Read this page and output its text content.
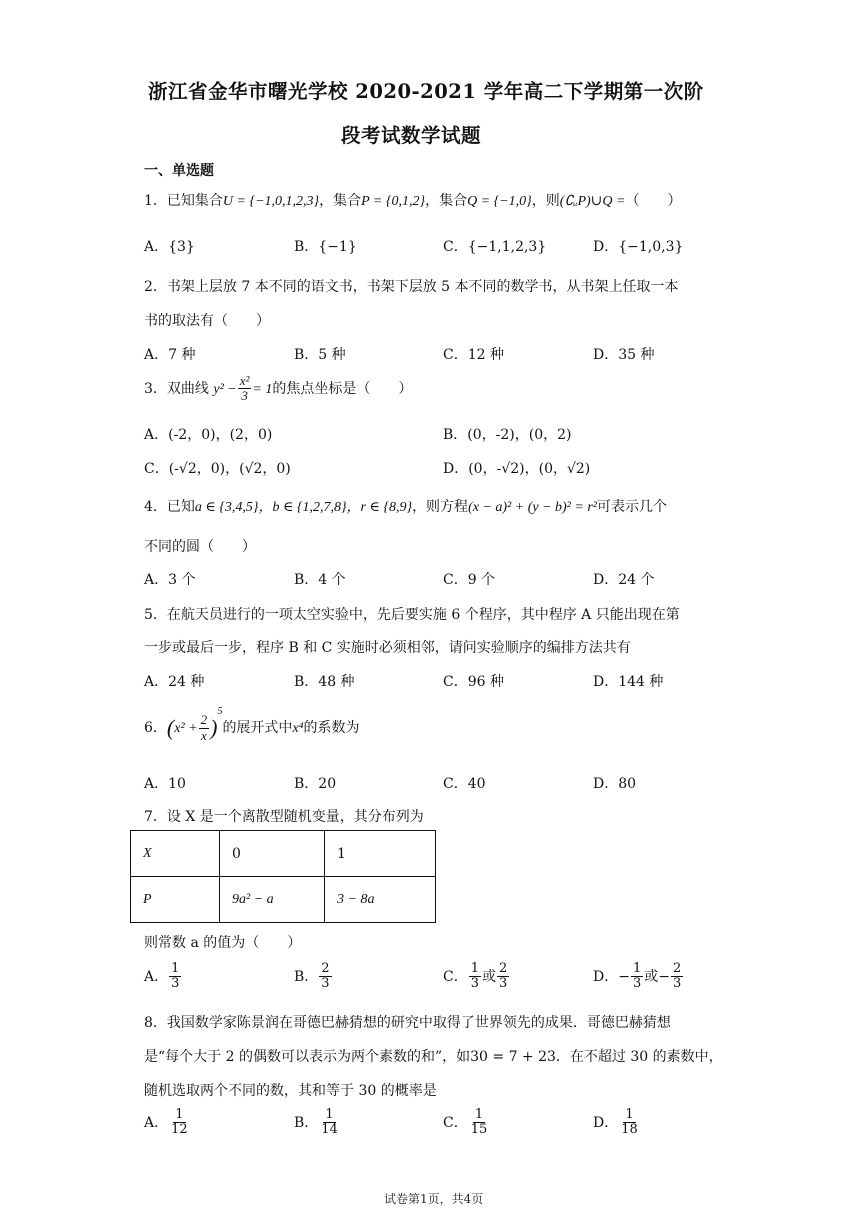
浙江省金华市曙光学校 2020-2021 学年高二下学期第一次阶
段考试数学试题
一、单选题
1．已知集合U = {−1,0,1,2,3}，集合P = {0,1,2}，集合Q = {−1,0}，则(∁ᵤP)∪Q =（　　）
A．{3}	B．{−1}	C．{−1,1,2,3}	D．{−1,0,3}
2．书架上层放 7 本不同的语文书，书架下层放 5 本不同的数学书，从书架上任取一本
书的取法有（　　）
A．7 种	B．5 种	C．12 种	D．35 种
3．双曲线 $y^2 - \frac{\text{x²}}{3} = 1$的焦点坐标是（　　）
A．(-2，0)，(2，0)	B．(0，-2)，(0，2)
C．(-√2，0)，(√2，0)	D．(0，-√2)，(0，√2)
4．已知a ∈ {3,4,5}，b ∈ {1,2,7,8}，r ∈ {8,9}，则方程(x − a)² + (y − b)² = r²可表示几个
不同的圆（　　）
A．3 个	B．4 个	C．9 个	D．24 个
5．在航天员进行的一项太空实验中，先后要实施 6 个程序，其中程序 A 只能出现在第
一步或最后一步，程序 B 和 C 实施时必须相邻，请问实验顺序的编排方法共有
A．24 种	B．48 种	C．96 种	D．144 种
6．$(x^2 + \frac{2}{x} )^5$的展开式中x⁴的系数为
A．10	B．20	C．40	D．80
7．设 X 是一个离散型随机变量，其分布列为
X	0	1
P	9a² − a	3 − 8a
则常数 a 的值为（　　）
A． $\frac{1}{3}$	B． $\frac{2}{3}$	C． $\frac{1}{3}$ 或 $\frac{2}{3}$	D．− $\frac{1}{3}$ 或− $\frac{2}{3}$
8．我国数学家陈景润在哥德巴赫猜想的研究中取得了世界领先的成果．哥德巴赫猜想
是“每个大于 2 的偶数可以表示为两个素数的和”，如30 = 7 + 23．在不超过 30 的素数中，
随机选取两个不同的数，其和等于 30 的概率是
A． $\frac{1}{12}$	B． $\frac{1}{14}$	C． $\frac{1}{15}$	D． $\frac{1}{18}$
试卷第1页，共4页
